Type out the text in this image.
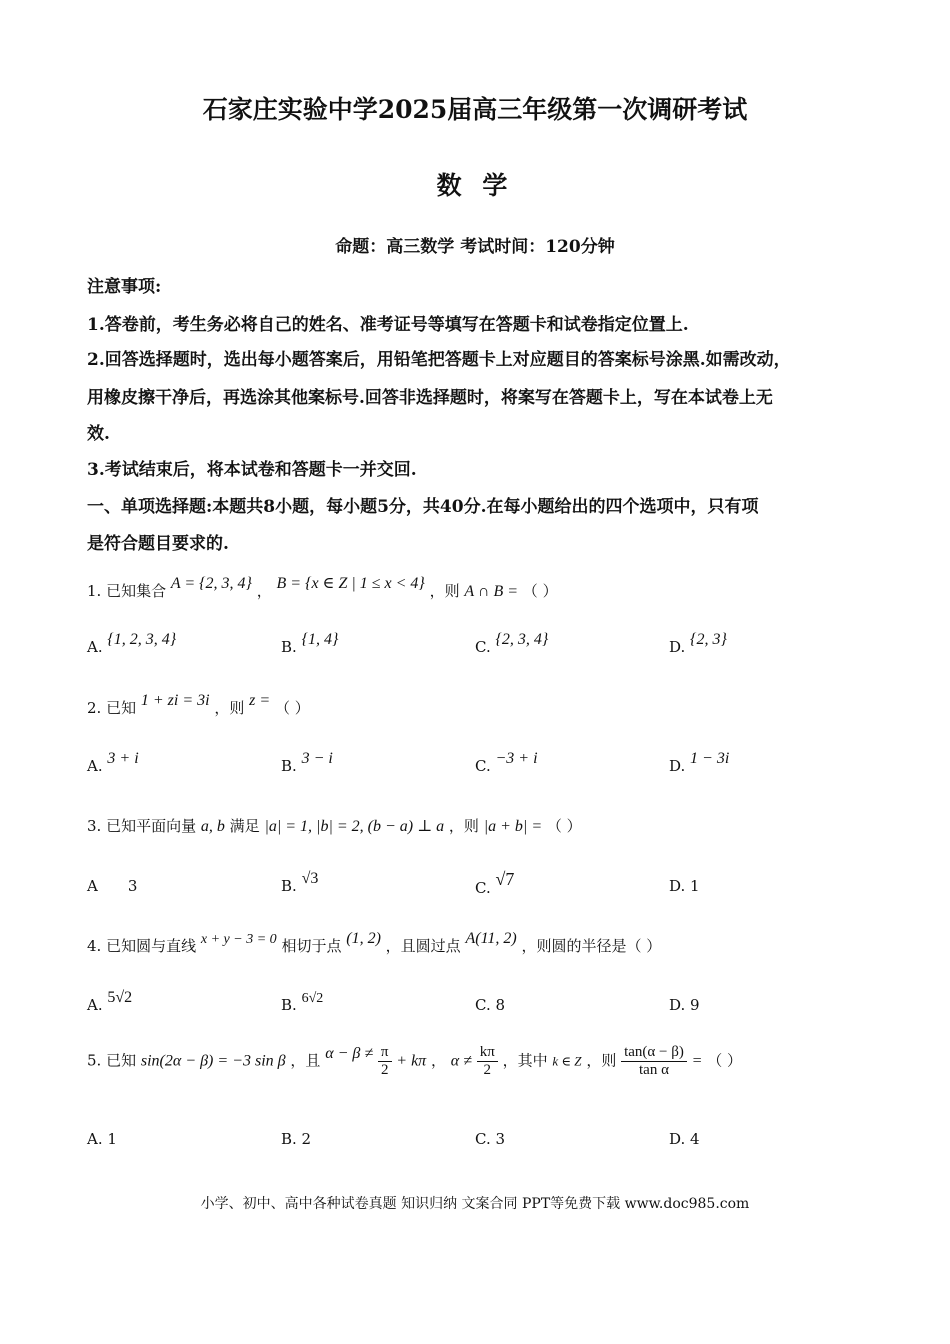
石家庄实验中学2025届高三年级第一次调研考试
数 学
命题：高三数学 考试时间：120分钟
注意事项:
1.答卷前，考生务必将自己的姓名、准考证号等填写在答题卡和试卷指定位置上.
2.回答选择题时，选出每小题答案后，用铅笔把答题卡上对应题目的答案标号涂黑.如需改动，
用橡皮擦干净后，再选涂其他案标号.回答非选择题时，将案写在答题卡上，写在本试卷上无
效.
3.考试结束后，将本试卷和答题卡一并交回.
一、单项选择题:本题共8小题，每小题5分，共40分.在每小题给出的四个选项中，只有项
是符合题目要求的.
1. 已知集合 A = {2, 3, 4} ， B = {x ∈ Z | 1 ≤ x < 4} ，则 A ∩ B = （ ）
A. {1, 2, 3, 4}	B. {1, 4}	C. {2, 3, 4}	D. {2, 3}
2. 已知 1 + zi = 3i ，则 z = （ ）
A. 3 + i	B. 3 − i	C. −3 + i	D. 1 − 3i
3. 已知平面向量 a, b 满足 |a| = 1, |b| = 2, (b − a) ⊥ a ，则 |a + b| = （ ）
A 3	B. √3
C. √7	D. 1
4. 已知圆与直线 x + y − 3 = 0 相切于点 (1, 2) ，且圆过点 A(11, 2) ，则圆的半径是（ ）
A. 5√2	B. 6√2	C. 8	D. 9
5. 已知 sin(2α − β) = −3 sin β ，且 $\alpha - \beta \ne \frac{\pi}{2} + k\pi$ ， $\alpha \ne \frac{k\pi}{2}$ ，其中 k ∈ Z ，则 $\frac{\tan(\alpha - \beta)}{\text{tan α}}$ = （ ）
A. 1	B. 2	C. 3	D. 4
小学、初中、高中各种试卷真题 知识归纳 文案合同 PPT等免费下载 www.doc985.com
